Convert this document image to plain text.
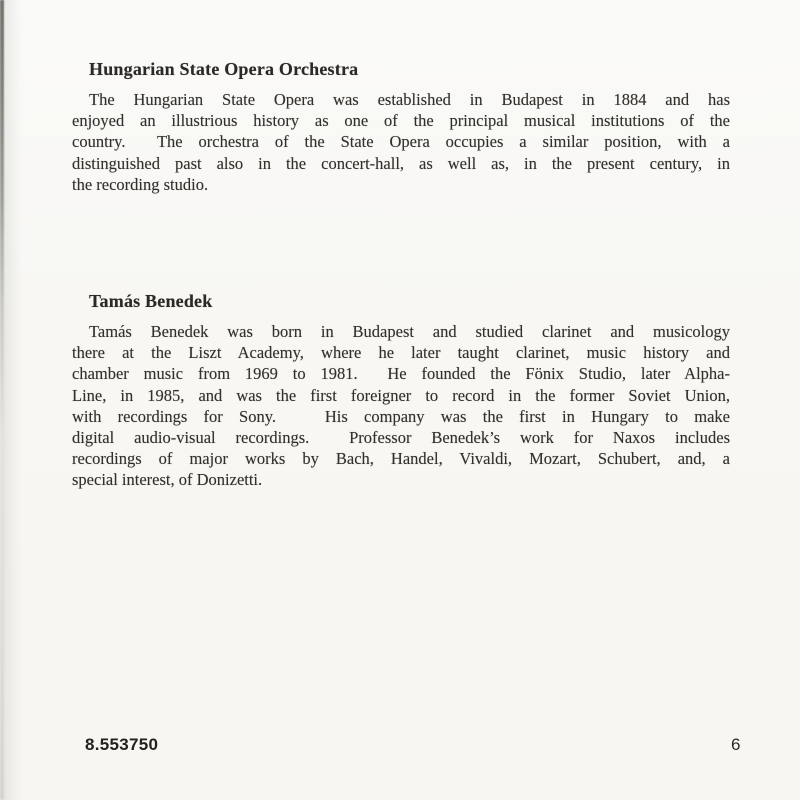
Hungarian State Opera Orchestra
The Hungarian State Opera was established in Budapest in 1884 and has
enjoyed an illustrious history as one of the principal musical institutions of the
country.  The orchestra of the State Opera occupies a similar position, with a
distinguished past also in the concert-hall, as well as, in the present century, in
the recording studio.
Tamás Benedek
Tamás Benedek was born in Budapest and studied clarinet and musicology
there at the Liszt Academy, where he later taught clarinet, music history and
chamber music from 1969 to 1981.  He founded the Fönix Studio, later Alpha-
Line, in 1985, and was the first foreigner to record in the former Soviet Union,
with recordings for Sony.   His company was the first in Hungary to make
digital audio-visual recordings.  Professor Benedek’s work for Naxos includes
recordings of major works by Bach, Handel, Vivaldi, Mozart, Schubert, and, a
special interest, of Donizetti.
8.553750	6
